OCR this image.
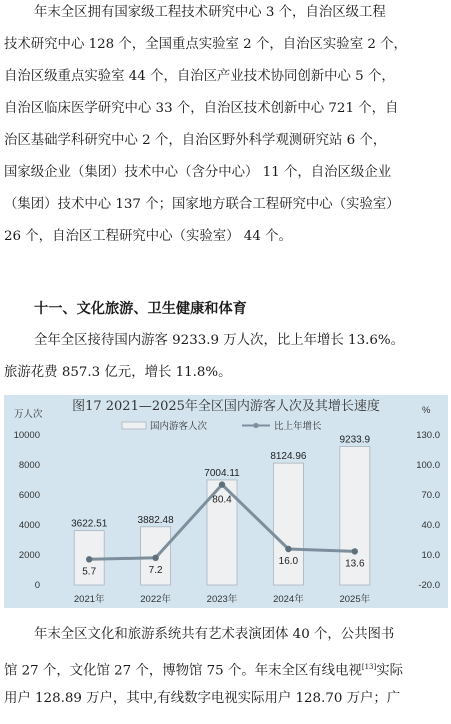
年末全区拥有国家级工程技术研究中心 3 个，自治区级工程
技术研究中心 128 个，全国重点实验室 2 个，自治区实验室 2 个，
自治区级重点实验室 44 个，自治区产业技术协同创新中心 5 个，
自治区临床医学研究中心 33 个，自治区技术创新中心 721 个，自
治区基础学科研究中心 2 个，自治区野外科学观测研究站 6 个，
国家级企业（集团）技术中心（含分中心） 11 个，自治区级企业
（集团）技术中心 137 个；国家地方联合工程研究中心（实验室）
26 个，自治区工程研究中心（实验室） 44 个。
十一、文化旅游、卫生健康和体育
全年全区接待国内游客 9233.9 万人次，比上年增长 13.6%。
旅游花费 857.3 亿元，增长 11.8%。
图17 2021—2025年全区国内游客人次及其增长速度
万人次	%
10000
8000
6000
4000
2000
0
130.0
100.0
70.0
40.0
10.0
-20.0
国内游客人次	比上年增长
3622.51	3882.48
7004.11
8124.96
9233.9
5.7	7.2
80.4
16.0	13.6
2021年	2022年	2023年	2024年	2025年
年末全区文化和旅游系统共有艺术表演团体 40 个，公共图书
馆 27 个，文化馆 27 个，博物馆 75 个。年末全区有线电视[13]实际
用户 128.89 万户，其中,有线数字电视实际用户 128.70 万户；广
